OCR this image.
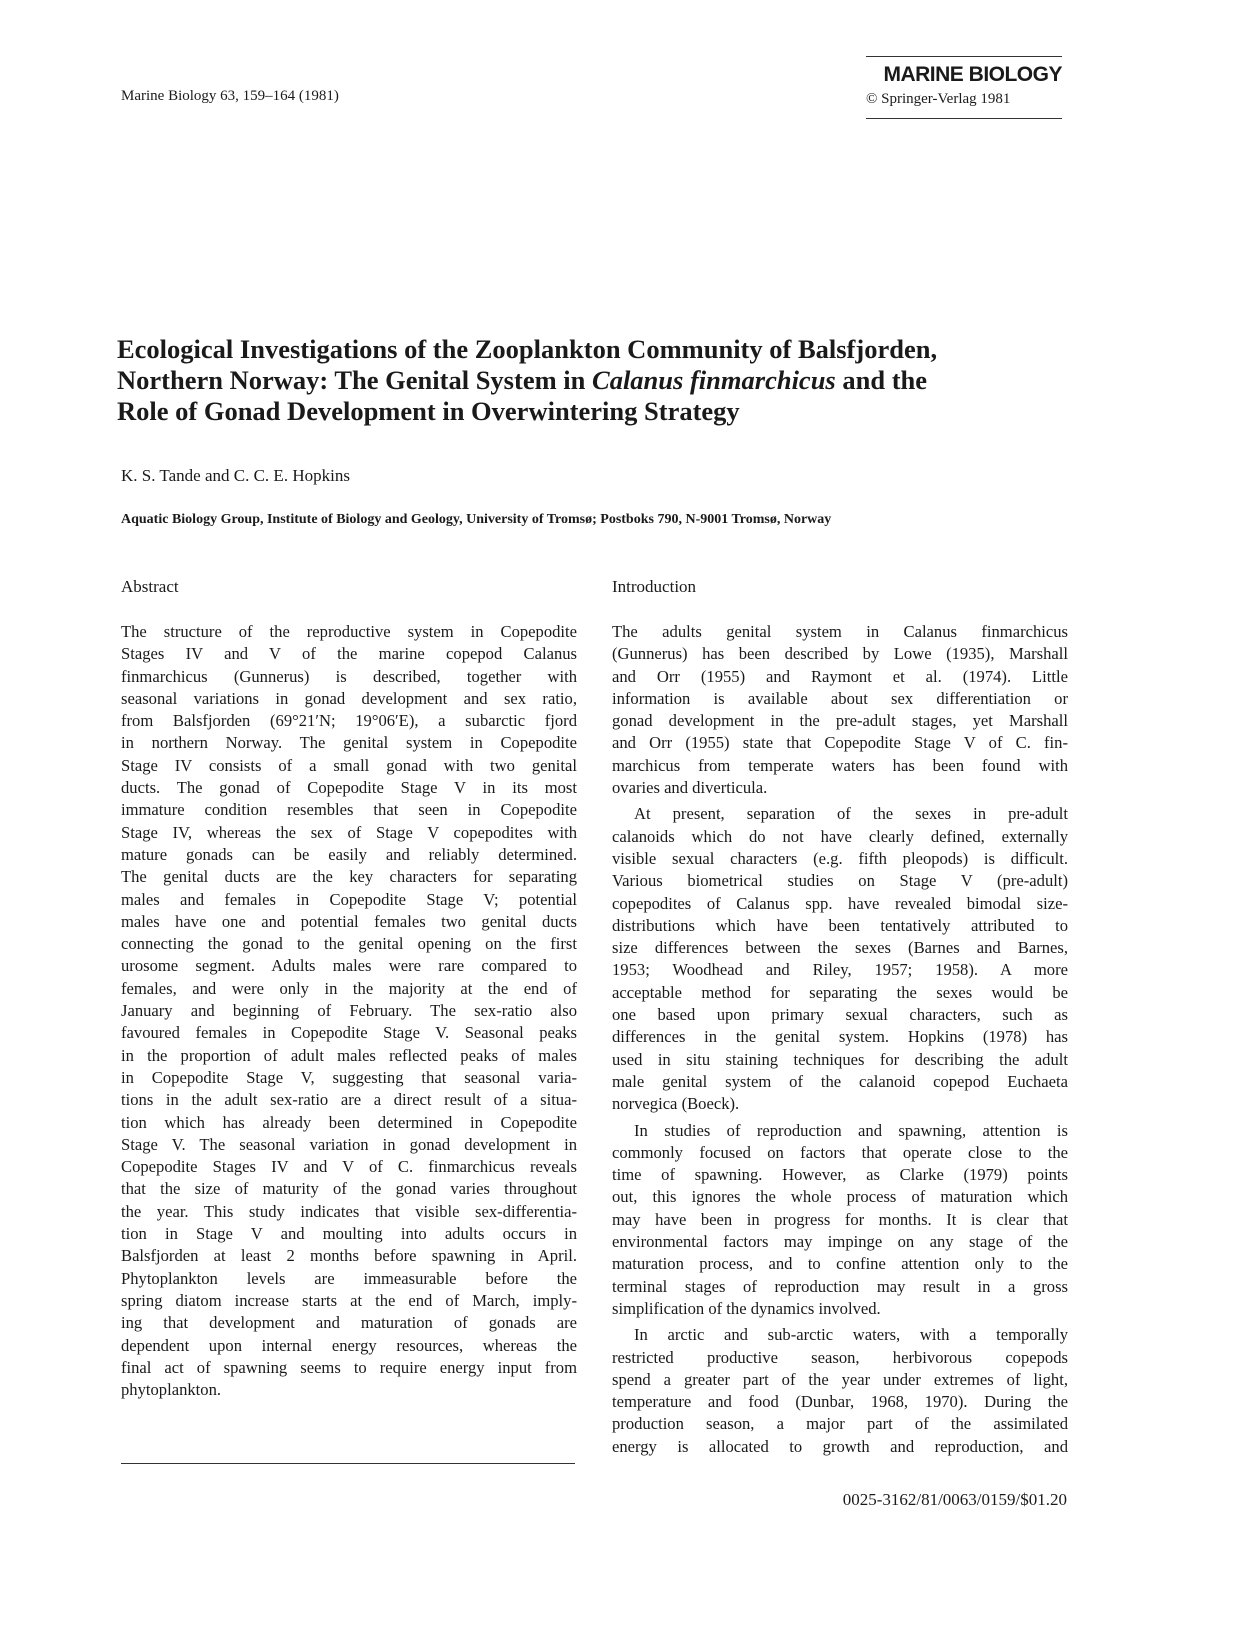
Marine Biology 63, 159–164 (1981)
MARINE BIOLOGY
© Springer-Verlag 1981
Ecological Investigations of the Zooplankton Community of Balsfjorden,
Northern Norway: The Genital System in Calanus finmarchicus and the
Role of Gonad Development in Overwintering Strategy
K. S. Tande and C. C. E. Hopkins
Aquatic Biology Group, Institute of Biology and Geology, University of Tromsø; Postboks 790, N-9001 Tromsø, Norway
Abstract	Introduction
The structure of the reproductive system in Copepodite
Stages IV and V of the marine copepod Calanus
finmarchicus (Gunnerus) is described, together with
seasonal variations in gonad development and sex ratio,
from Balsfjorden (69°21′N; 19°06′E), a subarctic fjord
in northern Norway. The genital system in Copepodite
Stage IV consists of a small gonad with two genital
ducts. The gonad of Copepodite Stage V in its most
immature condition resembles that seen in Copepodite
Stage IV, whereas the sex of Stage V copepodites with
mature gonads can be easily and reliably determined.
The genital ducts are the key characters for separating
males and females in Copepodite Stage V; potential
males have one and potential females two genital ducts
connecting the gonad to the genital opening on the first
urosome segment. Adults males were rare compared to
females, and were only in the majority at the end of
January and beginning of February. The sex-ratio also
favoured females in Copepodite Stage V. Seasonal peaks
in the proportion of adult males reflected peaks of males
in Copepodite Stage V, suggesting that seasonal varia-
tions in the adult sex-ratio are a direct result of a situa-
tion which has already been determined in Copepodite
Stage V. The seasonal variation in gonad development in
Copepodite Stages IV and V of C. finmarchicus reveals
that the size of maturity of the gonad varies throughout
the year. This study indicates that visible sex-differentia-
tion in Stage V and moulting into adults occurs in
Balsfjorden at least 2 months before spawning in April.
Phytoplankton levels are immeasurable before the
spring diatom increase starts at the end of March, imply-
ing that development and maturation of gonads are
dependent upon internal energy resources, whereas the
final act of spawning seems to require energy input from
phytoplankton.
The adults genital system in Calanus finmarchicus
(Gunnerus) has been described by Lowe (1935), Marshall
and Orr (1955) and Raymont et al. (1974). Little
information is available about sex differentiation or
gonad development in the pre-adult stages, yet Marshall
and Orr (1955) state that Copepodite Stage V of C. fin-
marchicus from temperate waters has been found with
ovaries and diverticula.
At present, separation of the sexes in pre-adult
calanoids which do not have clearly defined, externally
visible sexual characters (e.g. fifth pleopods) is difficult.
Various biometrical studies on Stage V (pre-adult)
copepodites of Calanus spp. have revealed bimodal size-
distributions which have been tentatively attributed to
size differences between the sexes (Barnes and Barnes,
1953; Woodhead and Riley, 1957; 1958). A more
acceptable method for separating the sexes would be
one based upon primary sexual characters, such as
differences in the genital system. Hopkins (1978) has
used in situ staining techniques for describing the adult
male genital system of the calanoid copepod Euchaeta
norvegica (Boeck).
In studies of reproduction and spawning, attention is
commonly focused on factors that operate close to the
time of spawning. However, as Clarke (1979) points
out, this ignores the whole process of maturation which
may have been in progress for months. It is clear that
environmental factors may impinge on any stage of the
maturation process, and to confine attention only to the
terminal stages of reproduction may result in a gross
simplification of the dynamics involved.
In arctic and sub-arctic waters, with a temporally
restricted productive season, herbivorous copepods
spend a greater part of the year under extremes of light,
temperature and food (Dunbar, 1968, 1970). During the
production season, a major part of the assimilated
energy is allocated to growth and reproduction, and
0025-3162/81/0063/0159/$01.20
